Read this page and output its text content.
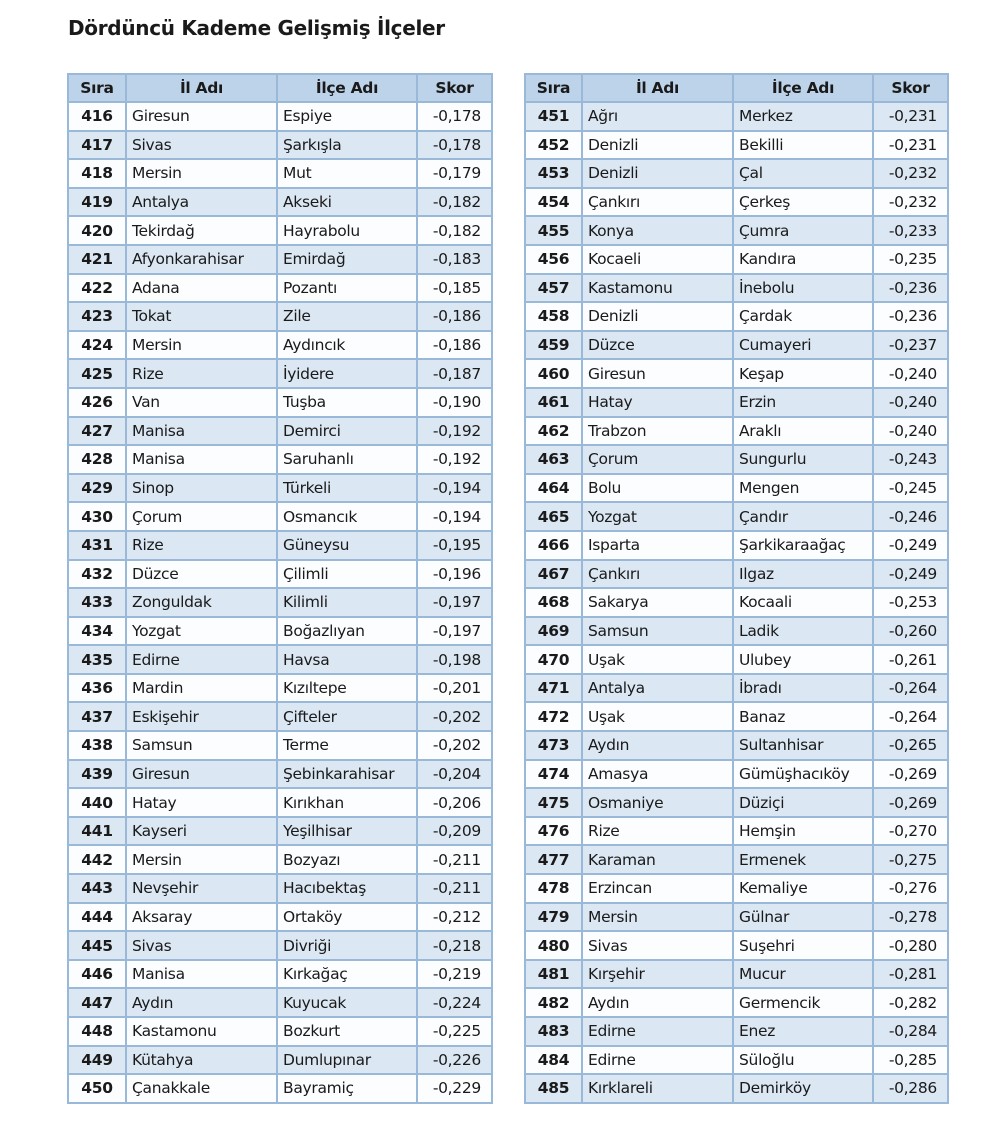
Dördüncü Kademe Gelişmiş İlçeler
Sıra	İl Adı	İlçe Adı	Skor
416	Giresun	Espiye	-0,178
417	Sivas	Şarkışla	-0,178
418	Mersin	Mut	-0,179
419	Antalya	Akseki	-0,182
420	Tekirdağ	Hayrabolu	-0,182
421	Afyonkarahisar	Emirdağ	-0,183
422	Adana	Pozantı	-0,185
423	Tokat	Zile	-0,186
424	Mersin	Aydıncık	-0,186
425	Rize	İyidere	-0,187
426	Van	Tuşba	-0,190
427	Manisa	Demirci	-0,192
428	Manisa	Saruhanlı	-0,192
429	Sinop	Türkeli	-0,194
430	Çorum	Osmancık	-0,194
431	Rize	Güneysu	-0,195
432	Düzce	Çilimli	-0,196
433	Zonguldak	Kilimli	-0,197
434	Yozgat	Boğazlıyan	-0,197
435	Edirne	Havsa	-0,198
436	Mardin	Kızıltepe	-0,201
437	Eskişehir	Çifteler	-0,202
438	Samsun	Terme	-0,202
439	Giresun	Şebinkarahisar	-0,204
440	Hatay	Kırıkhan	-0,206
441	Kayseri	Yeşilhisar	-0,209
442	Mersin	Bozyazı	-0,211
443	Nevşehir	Hacıbektaş	-0,211
444	Aksaray	Ortaköy	-0,212
445	Sivas	Divriği	-0,218
446	Manisa	Kırkağaç	-0,219
447	Aydın	Kuyucak	-0,224
448	Kastamonu	Bozkurt	-0,225
449	Kütahya	Dumlupınar	-0,226
450	Çanakkale	Bayramiç	-0,229
Sıra	İl Adı	İlçe Adı	Skor
451	Ağrı	Merkez	-0,231
452	Denizli	Bekilli	-0,231
453	Denizli	Çal	-0,232
454	Çankırı	Çerkeş	-0,232
455	Konya	Çumra	-0,233
456	Kocaeli	Kandıra	-0,235
457	Kastamonu	İnebolu	-0,236
458	Denizli	Çardak	-0,236
459	Düzce	Cumayeri	-0,237
460	Giresun	Keşap	-0,240
461	Hatay	Erzin	-0,240
462	Trabzon	Araklı	-0,240
463	Çorum	Sungurlu	-0,243
464	Bolu	Mengen	-0,245
465	Yozgat	Çandır	-0,246
466	Isparta	Şarkikaraağaç	-0,249
467	Çankırı	Ilgaz	-0,249
468	Sakarya	Kocaali	-0,253
469	Samsun	Ladik	-0,260
470	Uşak	Ulubey	-0,261
471	Antalya	İbradı	-0,264
472	Uşak	Banaz	-0,264
473	Aydın	Sultanhisar	-0,265
474	Amasya	Gümüşhacıköy	-0,269
475	Osmaniye	Düziçi	-0,269
476	Rize	Hemşin	-0,270
477	Karaman	Ermenek	-0,275
478	Erzincan	Kemaliye	-0,276
479	Mersin	Gülnar	-0,278
480	Sivas	Suşehri	-0,280
481	Kırşehir	Mucur	-0,281
482	Aydın	Germencik	-0,282
483	Edirne	Enez	-0,284
484	Edirne	Süloğlu	-0,285
485	Kırklareli	Demirköy	-0,286
